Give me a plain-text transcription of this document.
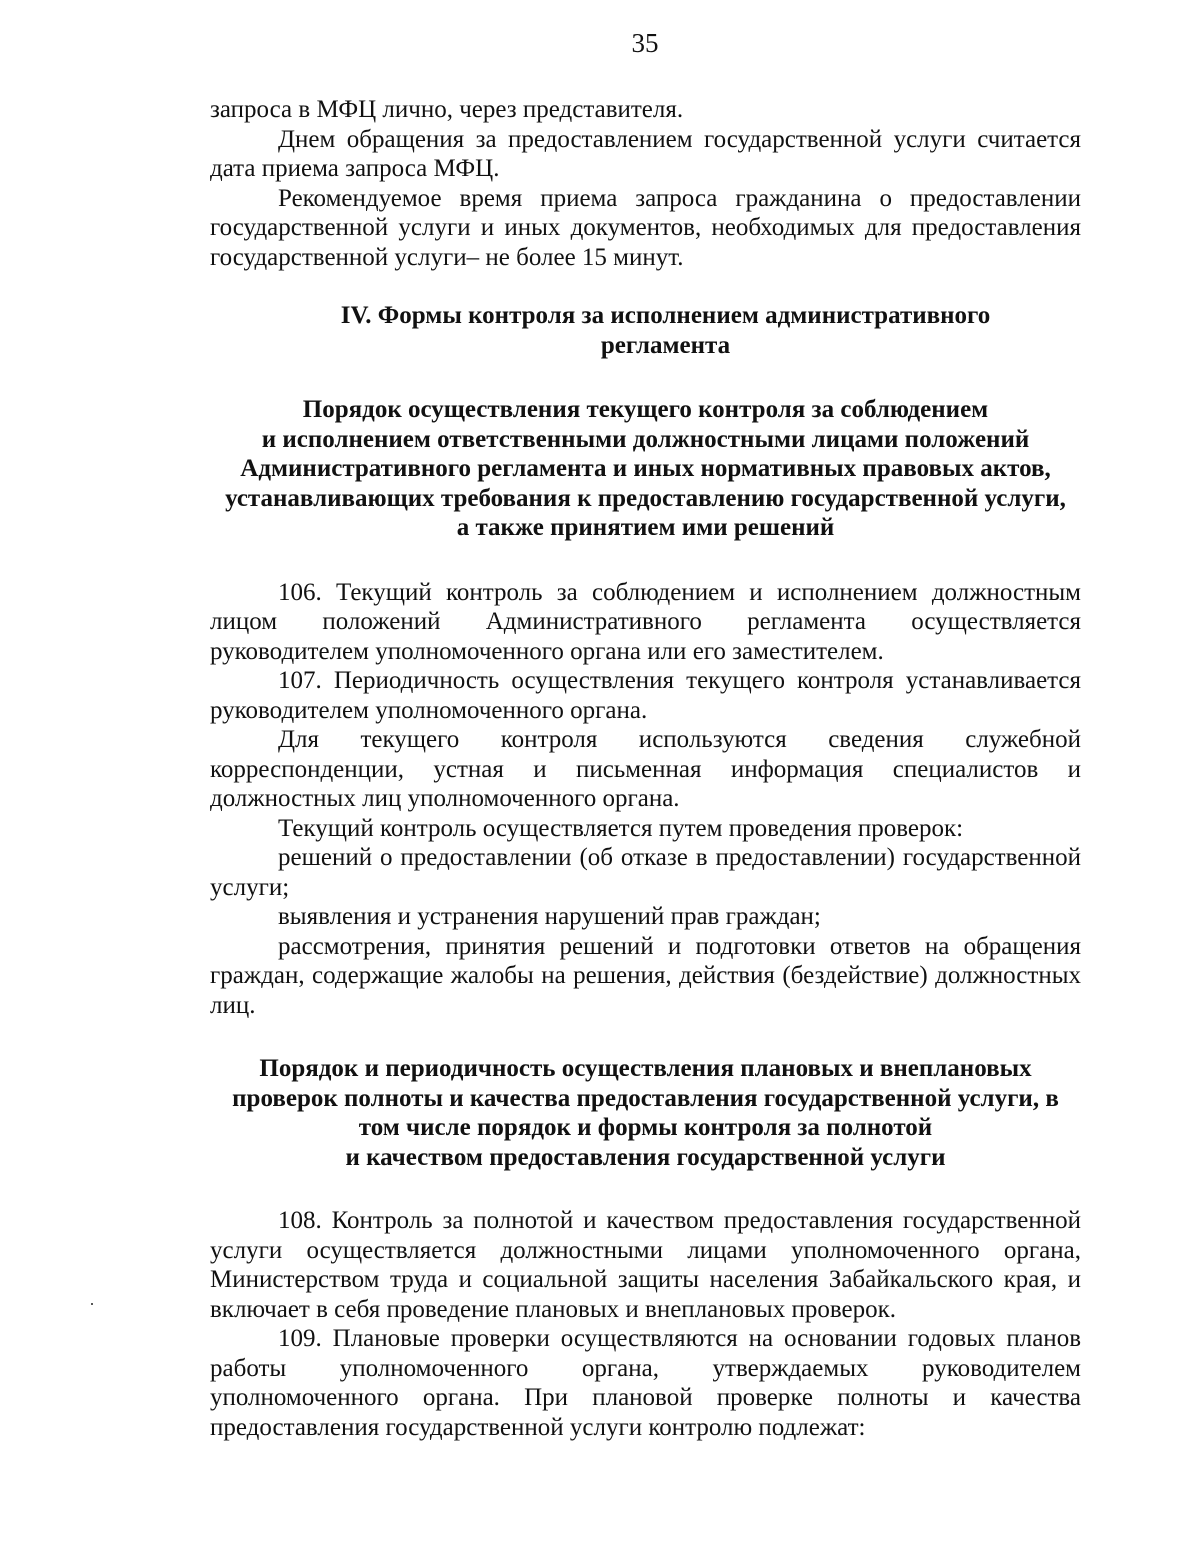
35

запроса в МФЦ лично, через представителя.

Днем обращения за предоставлением государственной услуги считается дата приема запроса МФЦ.

Рекомендуемое время приема запроса гражданина о предоставлении государственной услуги и иных документов, необходимых для предоставления государственной услуги– не более 15 минут.

IV. Формы контроля за исполнением административного
регламента
Порядок осуществления текущего контроля за соблюдением
и исполнением ответственными должностными лицами положений
Административного регламента и иных нормативных правовых актов,
устанавливающих требования к предоставлению государственной услуги,
а также принятием ими решений

106. Текущий контроль за соблюдением и исполнением должностным лицом положений Административного регламента осуществляется руководителем уполномоченного органа или его заместителем.

107. Периодичность осуществления текущего контроля устанавливается руководителем уполномоченного органа.

Для текущего контроля используются сведения служебной корреспонденции, устная и письменная информация специалистов и должностных лиц уполномоченного органа.

Текущий контроль осуществляется путем проведения проверок:

решений о предоставлении (об отказе в предоставлении) государственной услуги;

выявления и устранения нарушений прав граждан;

рассмотрения, принятия решений и подготовки ответов на обращения граждан, содержащие жалобы на решения, действия (бездействие) должностных лиц.

Порядок и периодичность осуществления плановых и внеплановых
проверок полноты и качества предоставления государственной услуги, в
том числе порядок и формы контроля за полнотой
и качеством предоставления государственной услуги

108. Контроль за полнотой и качеством предоставления государственной услуги осуществляется должностными лицами уполномоченного органа, Министерством труда и социальной защиты населения Забайкальского края, и включает в себя проведение плановых и внеплановых проверок.

109. Плановые проверки осуществляются на основании годовых планов работы уполномоченного органа, утверждаемых руководителем уполномоченного органа. При плановой проверке полноты и качества предоставления государственной услуги контролю подлежат:
